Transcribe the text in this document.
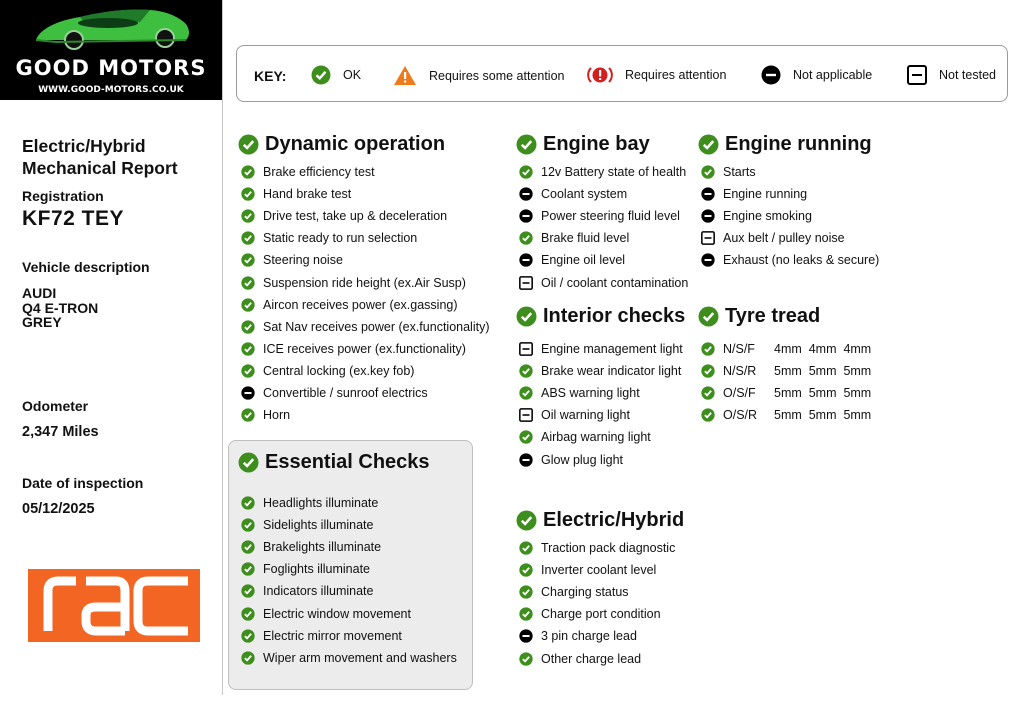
GOOD MOTORS
WWW.GOOD-MOTORS.CO.UK
KEY:	OK	Requires some attention	Requires attention	Not applicable	Not tested
Electric/Hybrid
Mechanical Report
Registration
KF72 TEY
Vehicle description
AUDI
Q4 E-TRON
GREY
Odometer
2,347 Miles
Date of inspection
05/12/2025
Dynamic operation
Essential Checks
Engine bay
Interior checks
Electric/Hybrid
Engine running
Tyre tread
Brake efficiency test
Hand brake test
Drive test, take up & deceleration
Static ready to run selection
Steering noise
Suspension ride height (ex.Air Susp)
Aircon receives power (ex.gassing)
Sat Nav receives power (ex.functionality)
ICE receives power (ex.functionality)
Central locking (ex.key fob)
Convertible / sunroof electrics
Horn
Headlights illuminate
Sidelights illuminate
Brakelights illuminate
Foglights illuminate
Indicators illuminate
Electric window movement
Electric mirror movement
Wiper arm movement and washers
12v Battery state of health
Coolant system
Power steering fluid level
Brake fluid level
Engine oil level
Oil / coolant contamination
Engine management light
Brake wear indicator light
ABS warning light
Oil warning light
Airbag warning light
Glow plug light
Traction pack diagnostic
Inverter coolant level
Charging status
Charge port condition
3 pin charge lead
Other charge lead
Starts
Engine running
Engine smoking
Aux belt / pulley noise
Exhaust (no leaks & secure)
N/S/F	4mm  4mm  4mm
N/S/R	5mm  5mm  5mm
O/S/F	5mm  5mm  5mm
O/S/R	5mm  5mm  5mm
